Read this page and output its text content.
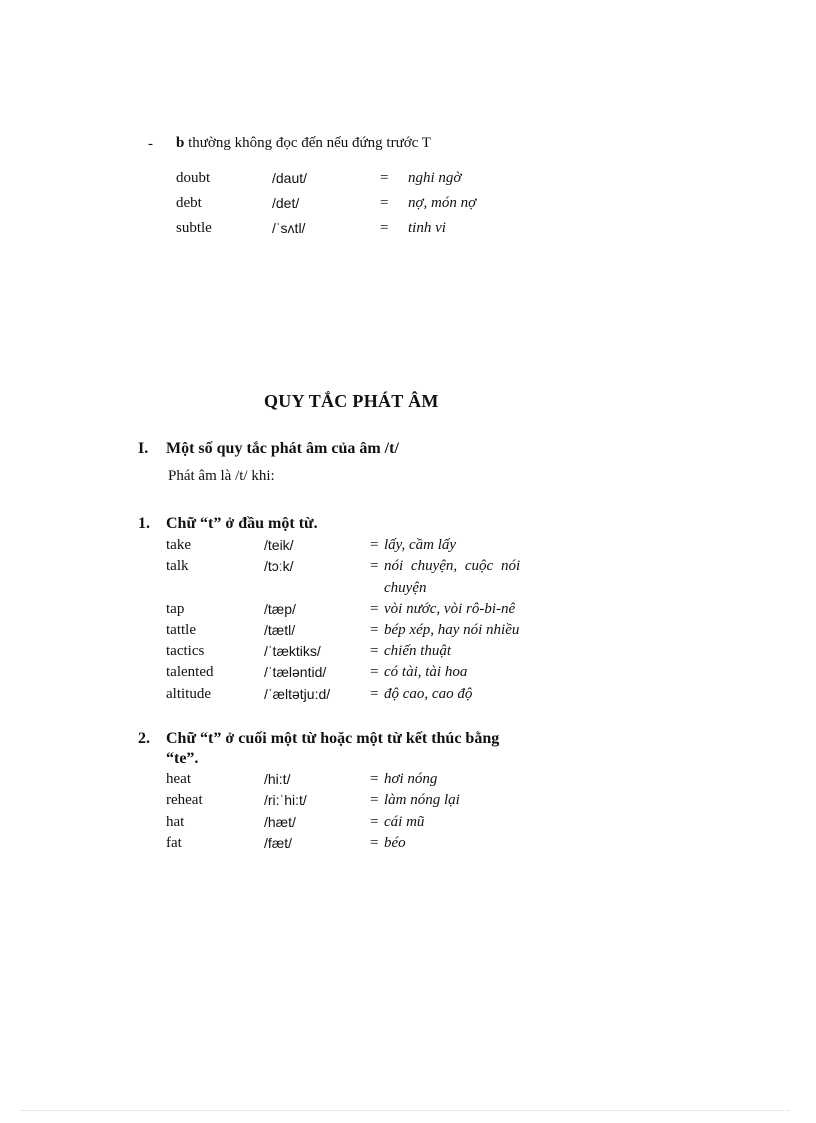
- b thường không đọc đến nếu đứng trước T
doubt	/daut/	= nghi ngờ
debt	/det/	= nợ, món nợ
subtle	/ˈsʌtl/	= tinh vi
QUY TẮC PHÁT ÂM
I. Một số quy tắc phát âm của âm /t/
Phát âm là /t/ khi:
1. Chữ “t” ở đầu một từ.
take	/teik/	= lấy, cầm lấy
talk	/tɔːk/	= nói chuyện, cuộc nói
chuyện
tap	/tæp/	= vòi nước, vòi rô-bi-nê
tattle	/tætl/	= bép xép, hay nói nhiều
tactics	/ˈtæktiks/	= chiến thuật
talented	/ˈtæləntid/	= có tài, tài hoa
altitude	/ˈæltətju:d/	= độ cao, cao độ
2. Chữ “t” ở cuối một từ hoặc một từ kết thúc bằng
“te”.
heat	/hi:t/	= hơi nóng
reheat	/ri:ˈhi:t/	= làm nóng lại
hat	/hæt/	= cái mũ
fat	/fæt/	= béo
